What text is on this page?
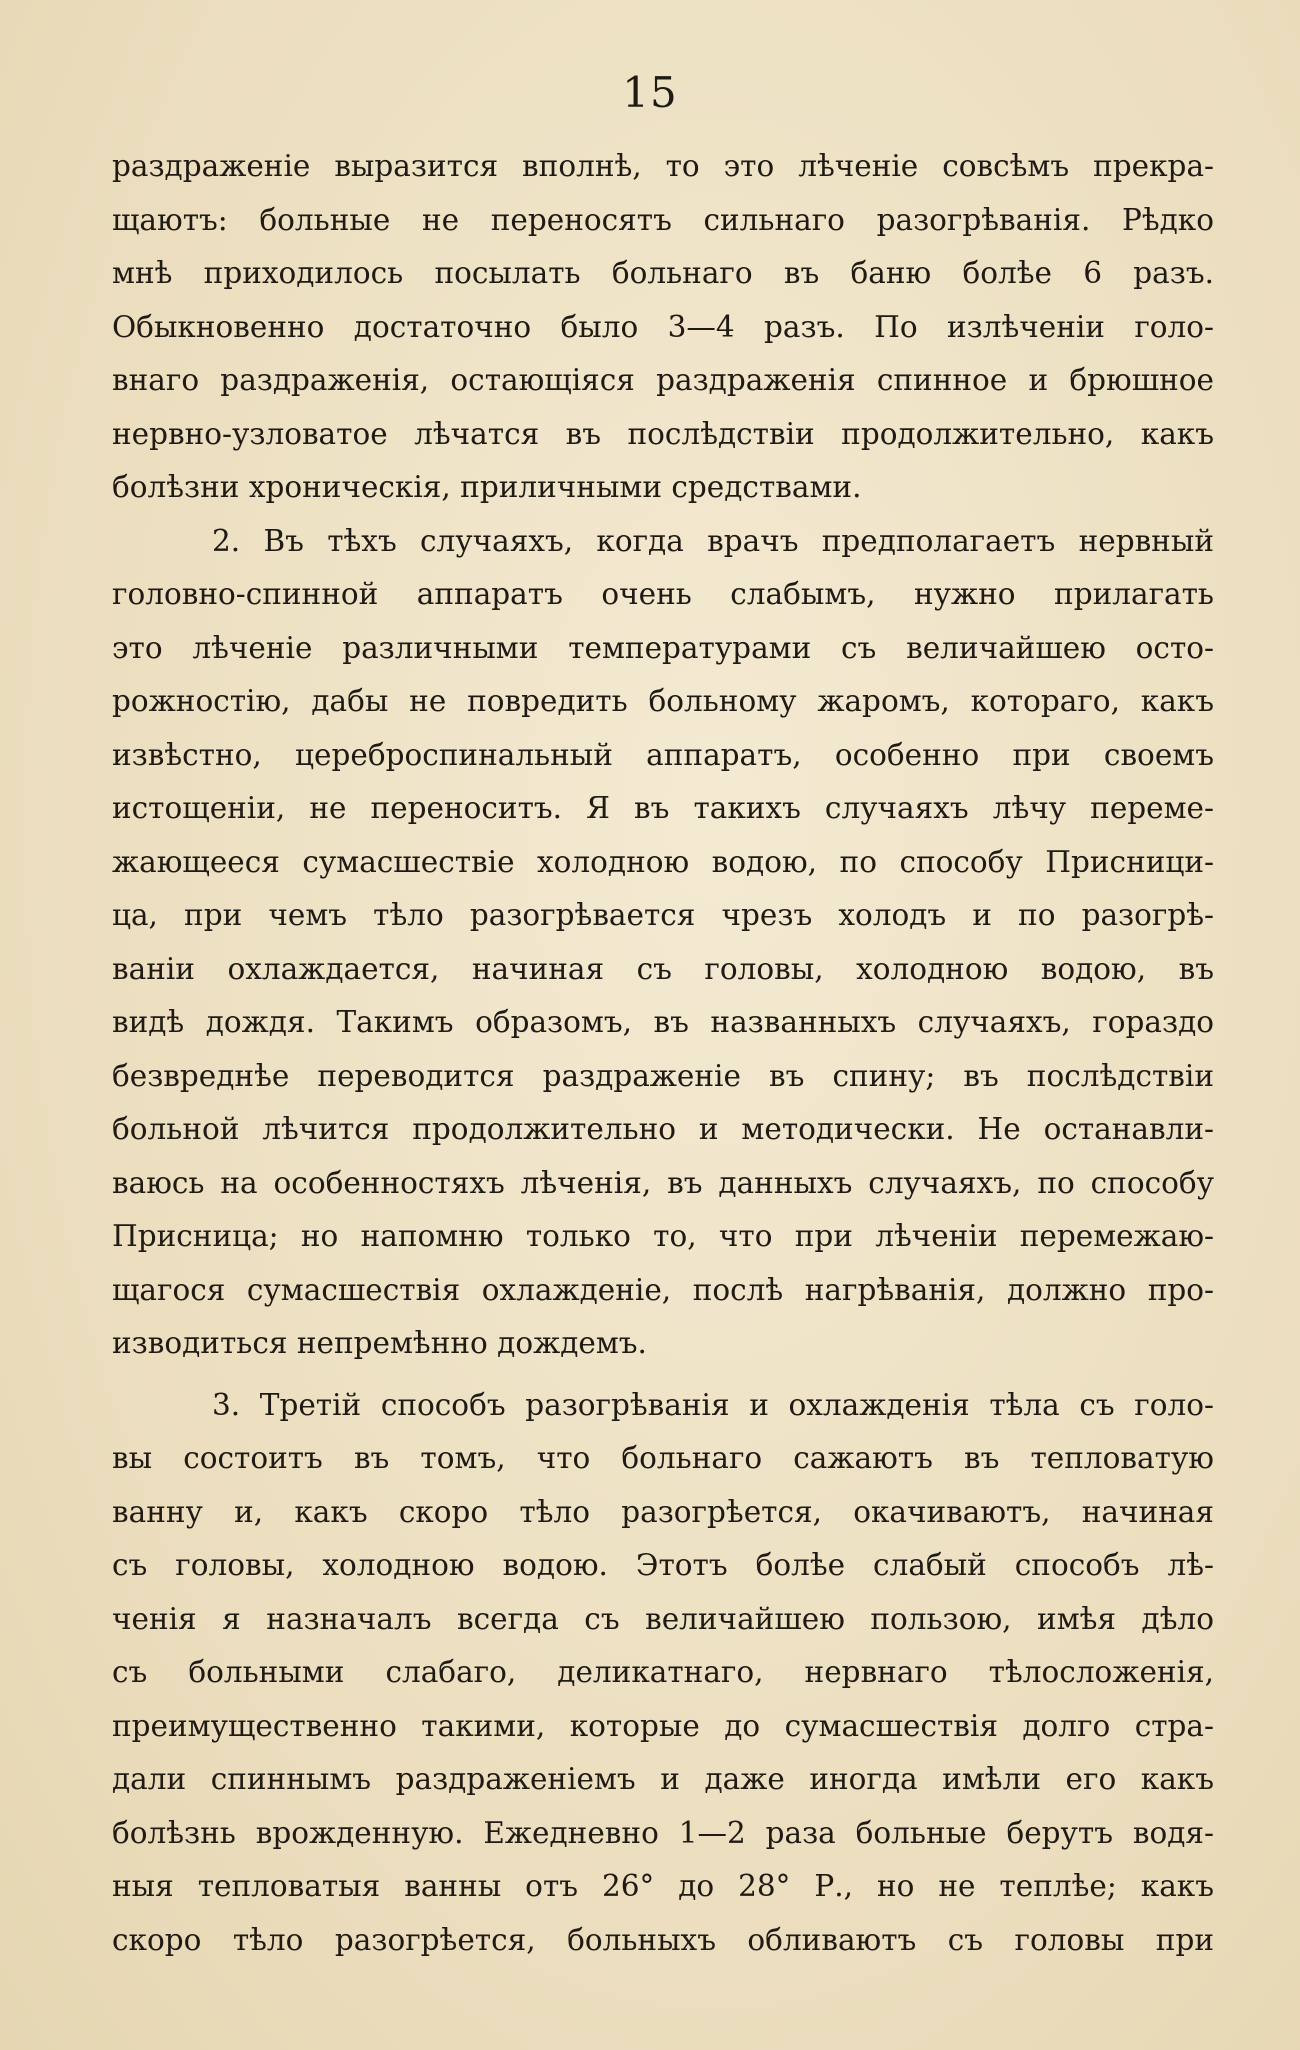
15
раздраженіе выразится вполнѣ, то это лѣченіе совсѣмъ прекра-
щаютъ: больные не переносятъ сильнаго разогрѣванія. Рѣдко
мнѣ приходилось посылать больнаго въ баню болѣе 6 разъ.
Обыкновенно достаточно было 3—4 разъ. По излѣченіи голо-
внаго раздраженія, остающіяся раздраженія спинное и брюшное
нервно-узловатое лѣчатся въ послѣдствіи продолжительно, какъ
болѣзни хроническія, приличными средствами.
2. Въ тѣхъ случаяхъ, когда врачъ предполагаетъ нервный
головно-спинной аппаратъ очень слабымъ, нужно прилагать
это лѣченіе различными температурами съ величайшею осто-
рожностію, дабы не повредить больному жаромъ, котораго, какъ
извѣстно, цереброспинальный аппаратъ, особенно при своемъ
истощеніи, не переноситъ. Я въ такихъ случаяхъ лѣчу переме-
жающееся сумасшествіе холодною водою, по способу Присници-
ца, при чемъ тѣло разогрѣвается чрезъ холодъ и по разогрѣ-
ваніи охлаждается, начиная съ головы, холодною водою, въ
видѣ дождя. Такимъ образомъ, въ названныхъ случаяхъ, гораздо
безвреднѣе переводится раздраженіе въ спину; въ послѣдствіи
больной лѣчится продолжительно и методически. Не останавли-
ваюсь на особенностяхъ лѣченія, въ данныхъ случаяхъ, по способу
Присница; но напомню только то, что при лѣченіи перемежаю-
щагося сумасшествія охлажденіе, послѣ нагрѣванія, должно про-
изводиться непремѣнно дождемъ.
3. Третій способъ разогрѣванія и охлажденія тѣла съ голо-
вы состоитъ въ томъ, что больнаго сажаютъ въ тепловатую
ванну и, какъ скоро тѣло разогрѣется, окачиваютъ, начиная
съ головы, холодною водою. Этотъ болѣе слабый способъ лѣ-
ченія я назначалъ всегда съ величайшею пользою, имѣя дѣло
съ больными слабаго, деликатнаго, нервнаго тѣлосложенія,
преимущественно такими, которые до сумасшествія долго стра-
дали спиннымъ раздраженіемъ и даже иногда имѣли его какъ
болѣзнь врожденную. Ежедневно 1—2 раза больные берутъ водя-
ныя тепловатыя ванны отъ 26° до 28° Р., но не теплѣе; какъ
скоро тѣло разогрѣется, больныхъ обливаютъ съ головы при
